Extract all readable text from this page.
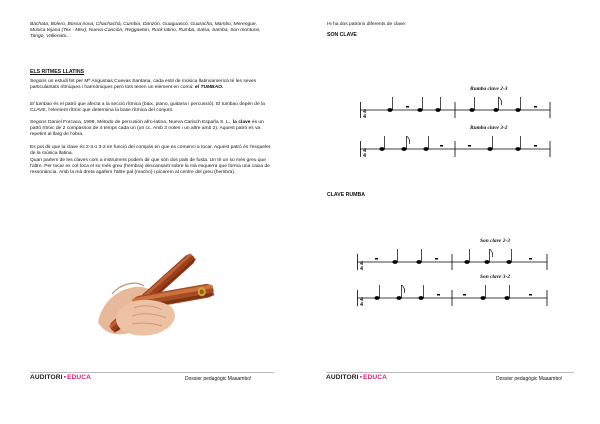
Bachata, Bolero, Bossa nova, Chachachá, Cumbia, Danzón, Guaguancó, Guaracha, Mambo, Merengue, Música tejana (Tex - Mex), Nueva Canción, Reggaeton, Rock latino, Rumba, Salsa, Samba, Son montuno, Tango, Vallenato…

ELS RITMES LLATINS

Segons un estudi fet per Mª Angustias Cuevas Santana, cada estil de música llatinoamericà té les seves particularitats rítmiques i harmòniques però tots tenen un element en comú: el TUMBAO.

El tumbao és el patró que afecta a la secció rítmica (baix, piano, guitarra i percussió). El tumbao depèn de la CLAVE, l'element rítmic que determina la base rítmica del conjunt.

Segons Daniel Forcaca, 1999, Método de percusión afro-latina. Nueva Carisch España S. L., la clave és un patró rítmic de 2 compassos de 4 temps cada un (un cc. Amb 3 notes i un altre amb 2). Aquest patró es va repetint al llarg de l'obra.

Es pot dir que la clave és 2-3 o 3-2 en funció del compàs en que es comenci a tocar. Aquest patró és l'esquelet de la música llatina.

Quan parlem de les claves com a instrument podem dir que són dos pals de fusta. Un té un so més greu que l'altre. Per tocar es col·loca el so més greu (hembra) descansant sobre la mà esquerra que forma una caixa de ressonància. Amb la mà dreta agafem l'altre pal (macho) i picarem al centre del greu (hembra).

AUDITORI▪EDUCA	Dossier pedagògic Maaambo!

Hi ha dos patrons diferents de clave:

SON CLAVE
Rumba clave 2-3
4
4
Rumba clave 3-2
4
4
CLAVE RUMBA
Son clave 2-3
4
4
Son clave 3-2
4
4
AUDITORI▪EDUCA	Dossier pedagògic Maaambo!
